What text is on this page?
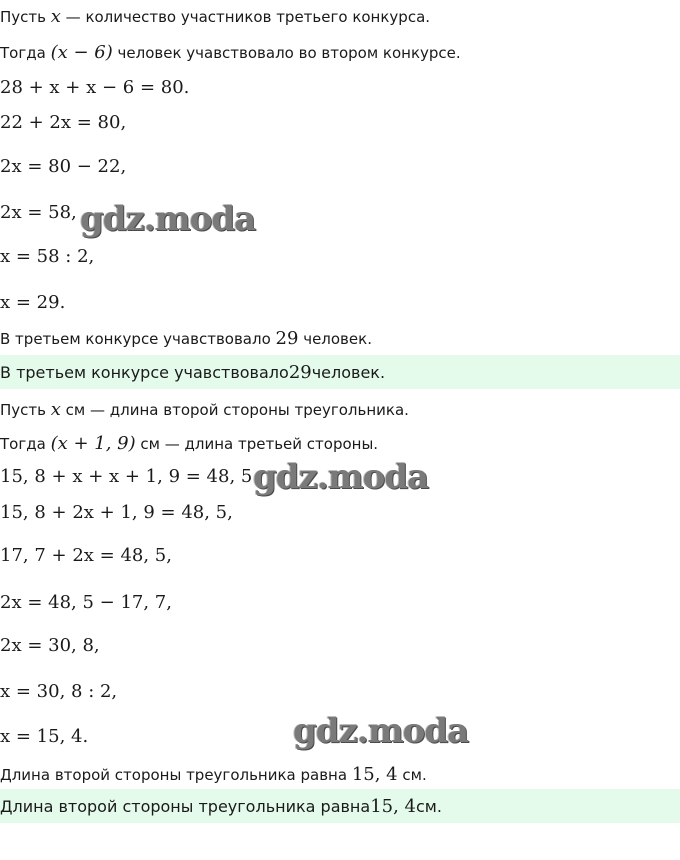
Пусть x — количество участников третьего конкурса.
Тогда (x − 6) человек учавствовало во втором конкурсе.
28 + x + x − 6 = 80.
22 + 2x = 80,
2x = 80 − 22,
2x = 58,
x = 58 : 2,
x = 29.
В третьем конкурсе учавствовало 29 человек.
В третьем конкурсе учавствовало 29 человек.
Пусть x см — длина второй стороны треугольника.
Тогда (x + 1, 9) см — длина третьей стороны.
15, 8 + x + x + 1, 9 = 48, 5.
15, 8 + 2x + 1, 9 = 48, 5,
17, 7 + 2x = 48, 5,
2x = 48, 5 − 17, 7,
2x = 30, 8,
x = 30, 8 : 2,
x = 15, 4.
Длина второй стороны треугольника равна 15, 4 см.
Длина второй стороны треугольника равна 15, 4 см.
gdz.moda
gdz.moda
gdz.moda
